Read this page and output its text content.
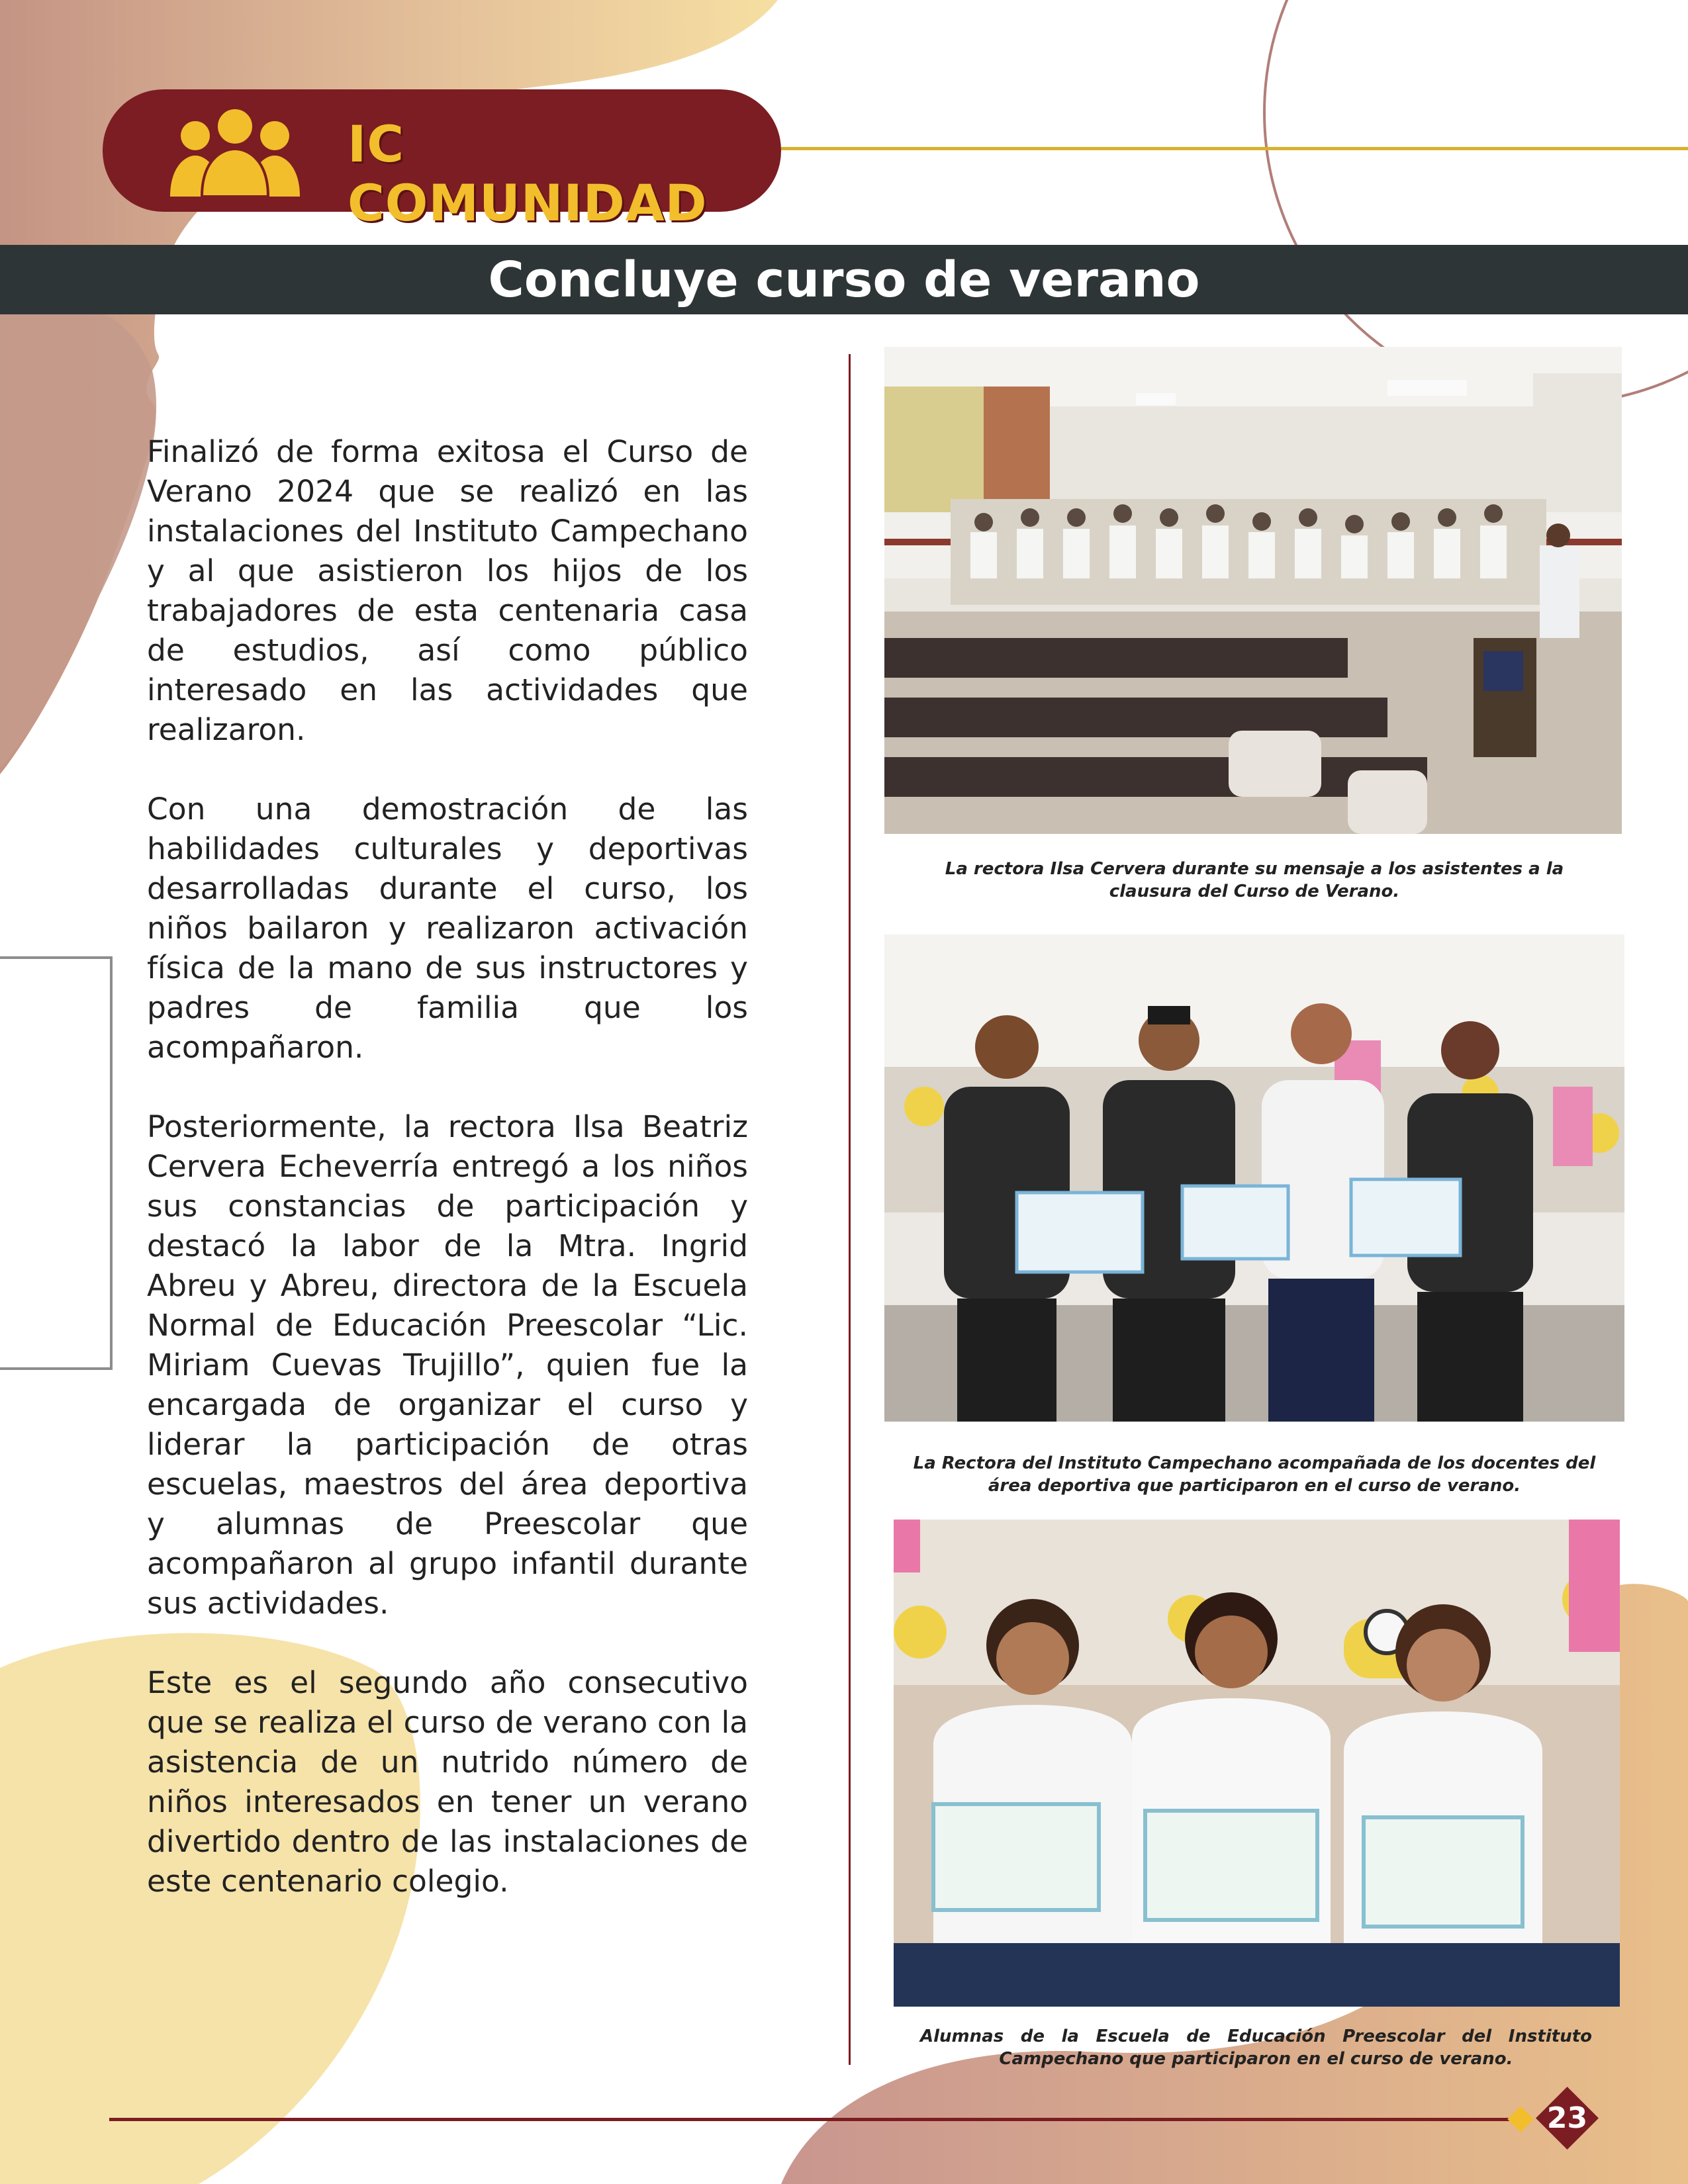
IC COMUNIDAD
Concluye curso de verano

Finalizó de forma exitosa el Curso de Verano 2024 que se realizó en las instalaciones del Instituto Campechano y al que asistieron los hijos de los trabajadores de esta centenaria casa de estudios, así como público interesado en las actividades que realizaron.

Con una demostración de las habilidades culturales y deportivas desarrolladas durante el curso, los niños bailaron y realizaron activación física de la mano de sus instructores y padres de familia que los acompañaron.

Posteriormente, la rectora Ilsa Beatriz Cervera Echeverría entregó a los niños sus constancias de participación y destacó la labor de la Mtra. Ingrid Abreu y Abreu, directora de la Escuela Normal de Educación Preescolar “Lic. Miriam Cuevas Trujillo”, quien fue la encargada de organizar el curso y liderar la participación de otras escuelas, maestros del área deportiva y alumnas de Preescolar que acompañaron al grupo infantil durante sus actividades.

Este es el segundo año consecutivo que se realiza el curso de verano con la asistencia de un nutrido número de niños interesados en tener un verano divertido dentro de las instalaciones de este centenario colegio.

La rectora Ilsa Cervera durante su mensaje a los asistentes a la clausura del Curso de Verano.
La Rectora del Instituto Campechano acompañada de los docentes del área deportiva que participaron en el curso de verano.
Alumnas de la Escuela de Educación Preescolar del Instituto Campechano que participaron en el curso de verano.
23
